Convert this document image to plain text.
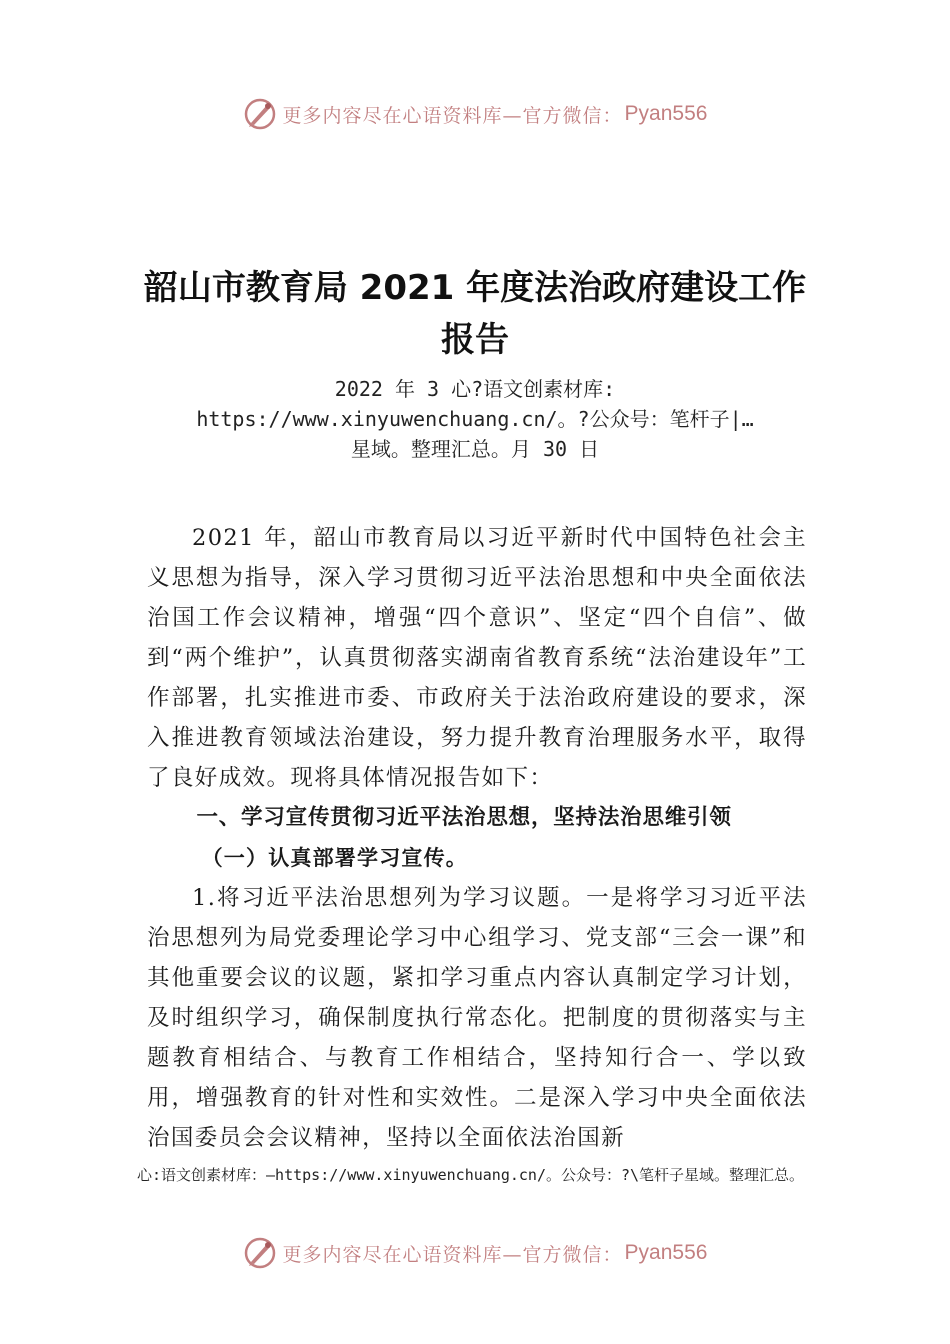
更多内容尽在心语资料库—官方微信： Pyan556
韶山市教育局 2021 年度法治政府建设工作
报告
2022 年 3 心?语文创素材库:
https://www.xinyuwenchuang.cn/。?公众号：笔杆子|…
星域。整理汇总。月 30 日

2021 年，韶山市教育局以习近平新时代中国特色社会主义思想为指导，深入学习贯彻习近平法治思想和中央全面依法治国工作会议精神，增强“四个意识”、坚定“四个自信”、做到“两个维护”，认真贯彻落实湖南省教育系统“法治建设年”工作部署，扎实推进市委、市政府关于法治政府建设的要求，深入推进教育领域法治建设，努力提升教育治理服务水平，取得了良好成效。现将具体情况报告如下：

一、学习宣传贯彻习近平法治思想，坚持法治思维引领
（一）认真部署学习宣传。

1.将习近平法治思想列为学习议题。一是将学习习近平法治思想列为局党委理论学习中心组学习、党支部“三会一课”和其他重要会议的议题，紧扣学习重点内容认真制定学习计划，及时组织学习，确保制度执行常态化。把制度的贯彻落实与主题教育相结合、与教育工作相结合，坚持知行合一、学以致用，增强教育的针对性和实效性。二是深入学习中央全面依法治国委员会会议精神，坚持以全面依法治国新

心:语文创素材库：—https://www.xinyuwenchuang.cn/。公众号：?\笔杆子星域。整理汇总。
更多内容尽在心语资料库—官方微信： Pyan556
